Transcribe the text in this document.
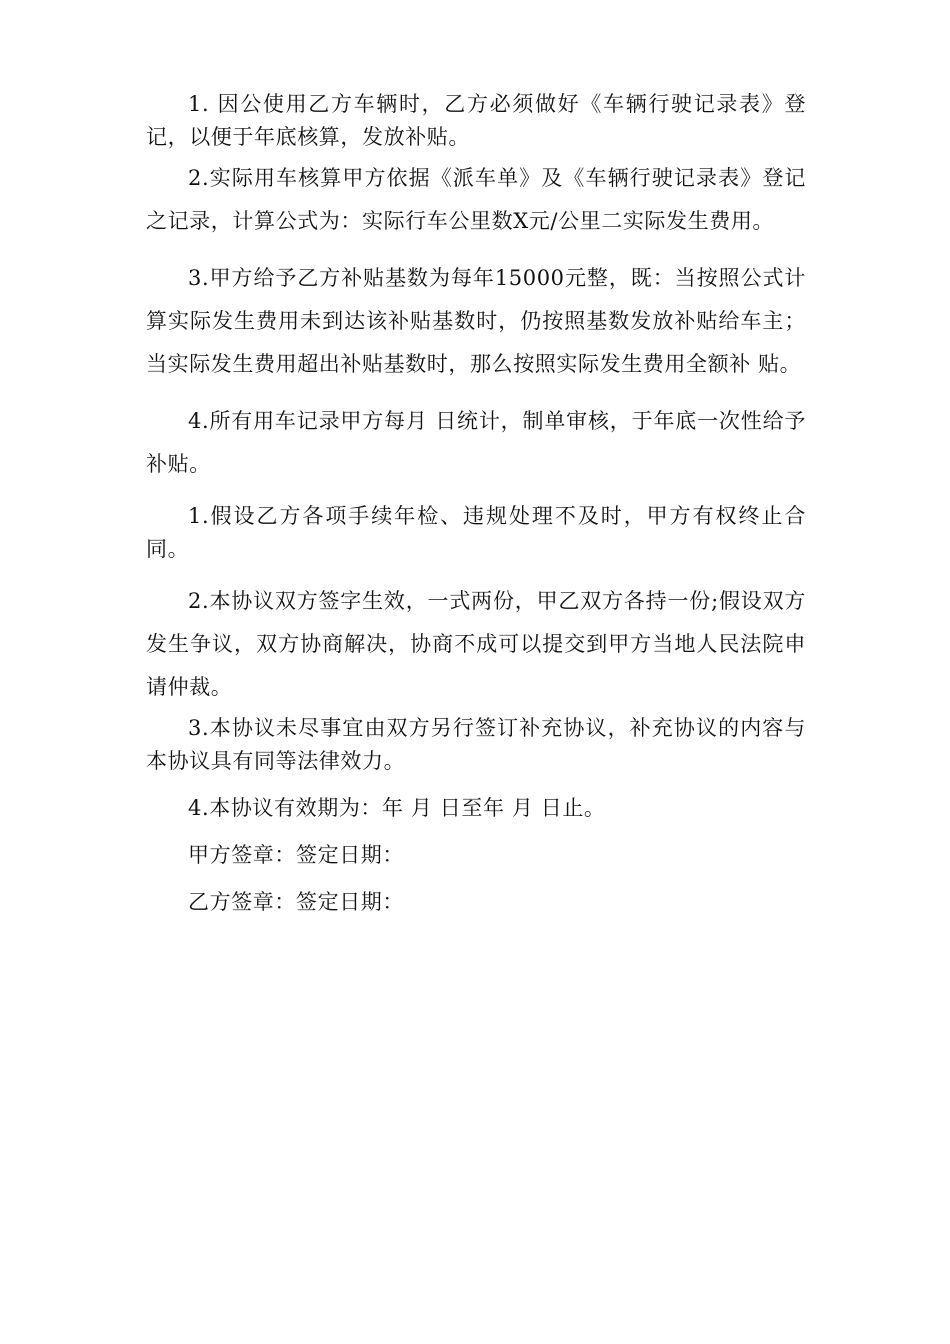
1. 因公使用乙方车辆时，乙方必须做好《车辆行驶记录表》登记，以便于年底核算，发放补贴。

2.实际用车核算甲方依据《派车单》及《车辆行驶记录表》登记之记录，计算公式为：实际行车公里数X元/公里二实际发生费用。

3.甲方给予乙方补贴基数为每年15000元整，既：当按照公式计算实际发生费用未到达该补贴基数时，仍按照基数发放补贴给车主；当实际发生费用超出补贴基数时，那么按照实际发生费用全额补 贴。

4.所有用车记录甲方每月 日统计，制单审核，于年底一次性给予补贴。

1.假设乙方各项手续年检、违规处理不及时，甲方有权终止合同。

2.本协议双方签字生效，一式两份，甲乙双方各持一份;假设双方发生争议，双方协商解决，协商不成可以提交到甲方当地人民法院申请仲裁。

3.本协议未尽事宜由双方另行签订补充协议，补充协议的内容与本协议具有同等法律效力。

4.本协议有效期为：年 月 日至年 月 日止。

甲方签章：签定日期：

乙方签章：签定日期：
